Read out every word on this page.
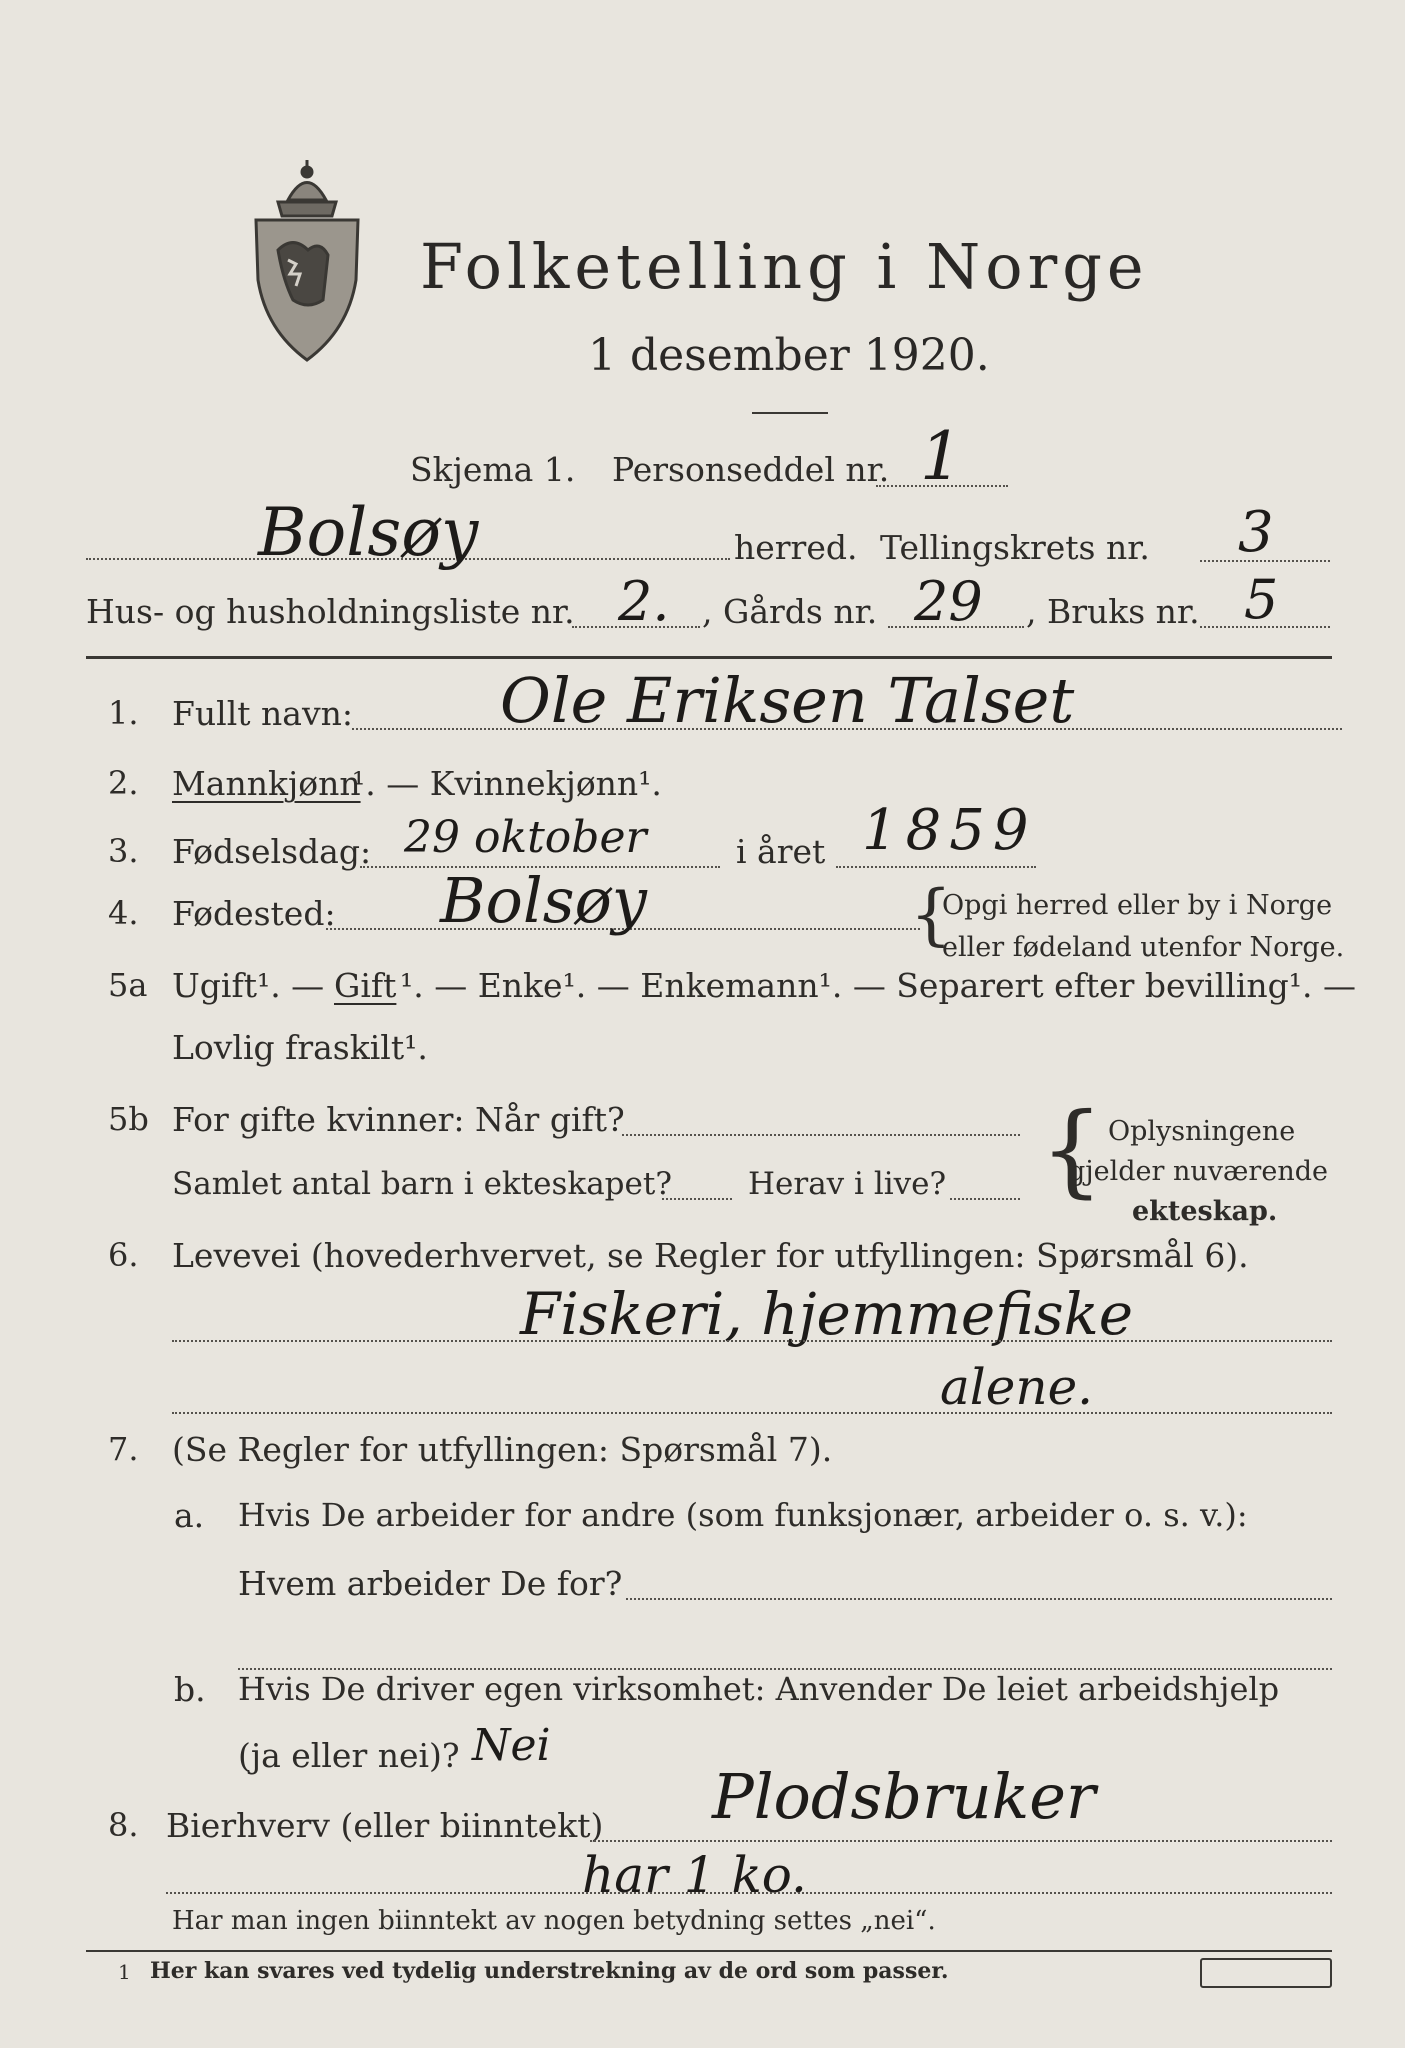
Folketelling i Norge
1 desember 1920.
Skjema 1. Personseddel nr. 1
Bolsøy	herred. Tellingskrets nr. 3
Hus- og husholdningsliste nr. 2. , Gårds nr. 29 , Bruks nr. 5
1. Fullt navn: Ole Eriksen Talset
2. Mannkjønn
¹. — Kvinnekjønn¹.
3. Fødselsdag: 29 oktober	i året 1859
4. Fødested: Bolsøy	{
Opgi herred eller by i Norge
eller fødeland utenfor Norge.
5a Ugift¹. — Gift ¹. — Enke¹. — Enkemann¹. — Separert efter bevilling¹. —
Lovlig fraskilt¹.
5b For gifte kvinner: Når gift?
Samlet antal barn i ekteskapet? Herav i live? { Oplysningene
gjelder nuværende
ekteskap.
6. Levevei (hovederhvervet, se Regler for utfyllingen: Spørsmål 6).
Fiskeri, hjemmefiske
alene.
7. (Se Regler for utfyllingen: Spørsmål 7).
a. Hvis De arbeider for andre (som funksjonær, arbeider o. s. v.):
Hvem arbeider De for?
b. Hvis De driver egen virksomhet: Anvender De leiet arbeidshjelp
(ja eller nei)? Nei
8. Bierhverv (eller biinntekt) Plodsbruker
har 1 ko.
Har man ingen biinntekt av nogen betydning settes „nei“.
1 Her kan svares ved tydelig understrekning av de ord som passer.
